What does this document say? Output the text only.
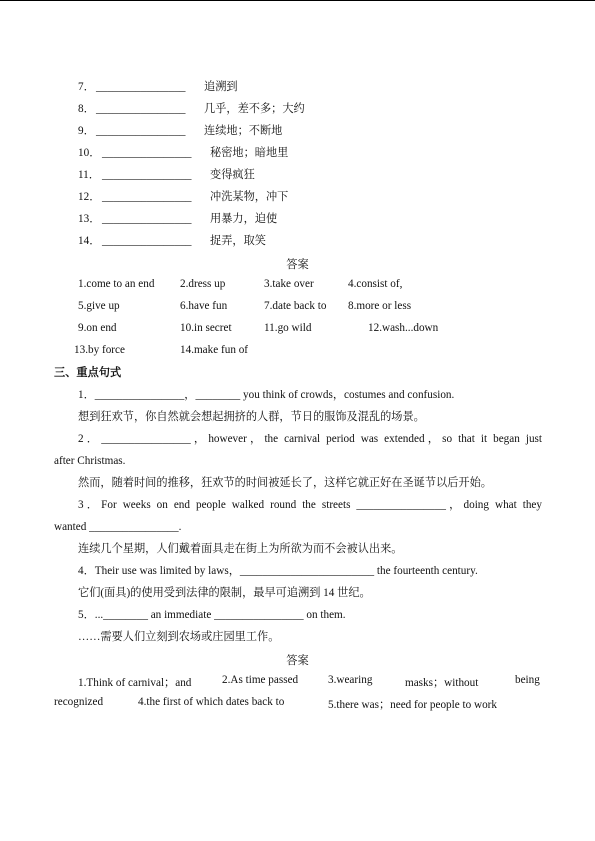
7． ________________ 追溯到
8． ________________ 几乎，差不多；大约
9． ________________ 连续地；不断地
10． ________________ 秘密地；暗地里
11． ________________ 变得疯狂
12． ________________ 冲洗某物，冲下
13． ________________ 用暴力，迫使
14． ________________ 捉弄，取笑
答案
1.come to an end 2.dress up	3.take over	4.consist of,
5.give up	6.have fun	7.date back to 8.more or less
9.on end	10.in secret	11.go wild	12.wash...down
13.by force	14.make fun of
三、重点句式
1．________________，________ you think of crowds，costumes and confusion.
想到狂欢节，你自然就会想起拥挤的人群，节日的服饰及混乱的场景。
2．________________，however，the carnival period was extended，so that it began just
after Christmas.
然而，随着时间的推移，狂欢节的时间被延长了，这样它就正好在圣诞节以后开始。
3．For weeks on end people walked round the streets ________________，doing what they
wanted ________________.
连续几个星期，人们戴着面具走在街上为所欲为而不会被认出来。
4．Their use was limited by laws，________________________ the fourteenth century.
它们(面具)的使用受到法律的限制，最早可追溯到 14 世纪。
5．...________ an immediate ________________ on them.
……需要人们立刻到农场或庄园里工作。
答案
1.Think of carnival；and	2.As time passed	3.wearing	masks；without	being
recognized	4.the first of which dates back to	5.there was；need for people to work
